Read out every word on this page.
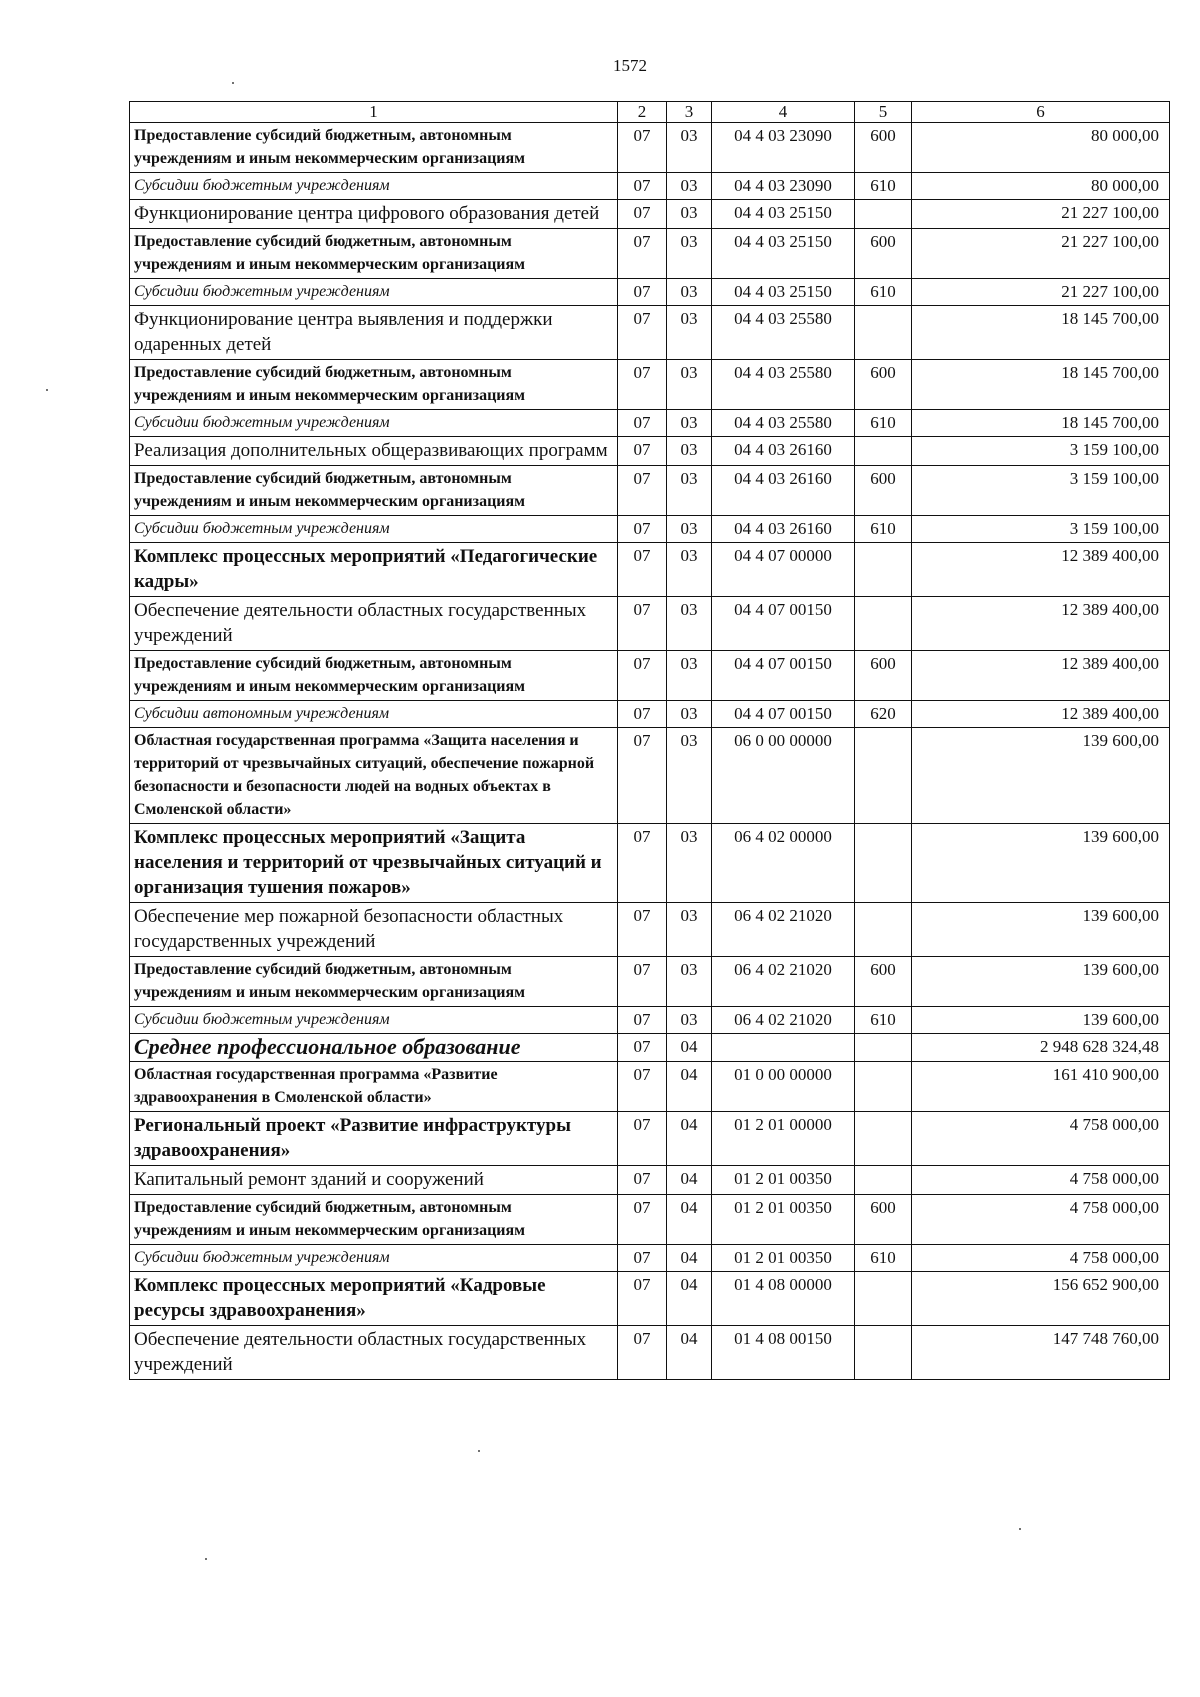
1572
1	2	3	4	5	6
Предоставление субсидий бюджетным, автономным учреждениям и иным некоммерческим организациям	07	03	04 4 03 23090	600	80 000,00
Субсидии бюджетным учреждениям	07	03	04 4 03 23090	610	80 000,00
Функционирование центра цифрового образования детей	07	03	04 4 03 25150		21 227 100,00
Предоставление субсидий бюджетным, автономным учреждениям и иным некоммерческим организациям	07	03	04 4 03 25150	600	21 227 100,00
Субсидии бюджетным учреждениям	07	03	04 4 03 25150	610	21 227 100,00
Функционирование центра выявления и поддержки одаренных детей	07	03	04 4 03 25580		18 145 700,00
Предоставление субсидий бюджетным, автономным учреждениям и иным некоммерческим организациям	07	03	04 4 03 25580	600	18 145 700,00
Субсидии бюджетным учреждениям	07	03	04 4 03 25580	610	18 145 700,00
Реализация дополнительных общеразвивающих программ	07	03	04 4 03 26160		3 159 100,00
Предоставление субсидий бюджетным, автономным учреждениям и иным некоммерческим организациям	07	03	04 4 03 26160	600	3 159 100,00
Субсидии бюджетным учреждениям	07	03	04 4 03 26160	610	3 159 100,00
Комплекс процессных мероприятий «Педагогические кадры»	07	03	04 4 07 00000		12 389 400,00
Обеспечение деятельности областных государственных учреждений	07	03	04 4 07 00150		12 389 400,00
Предоставление субсидий бюджетным, автономным учреждениям и иным некоммерческим организациям	07	03	04 4 07 00150	600	12 389 400,00
Субсидии автономным учреждениям	07	03	04 4 07 00150	620	12 389 400,00
Областная государственная программа «Защита населения и территорий от чрезвычайных ситуаций, обеспечение пожарной безопасности и безопасности людей на водных объектах в Смоленской области»	07	03	06 0 00 00000		139 600,00
Комплекс процессных мероприятий «Защита населения и территорий от чрезвычайных ситуаций и организация тушения пожаров»	07	03	06 4 02 00000		139 600,00
Обеспечение мер пожарной безопасности областных государственных учреждений	07	03	06 4 02 21020		139 600,00
Предоставление субсидий бюджетным, автономным учреждениям и иным некоммерческим организациям	07	03	06 4 02 21020	600	139 600,00
Субсидии бюджетным учреждениям	07	03	06 4 02 21020	610	139 600,00
Среднее профессиональное образование	07	04			2 948 628 324,48
Областная государственная программа «Развитие здравоохранения в Смоленской области»	07	04	01 0 00 00000		161 410 900,00
Региональный проект «Развитие инфраструктуры здравоохранения»	07	04	01 2 01 00000		4 758 000,00
Капитальный ремонт зданий и сооружений	07	04	01 2 01 00350		4 758 000,00
Предоставление субсидий бюджетным, автономным учреждениям и иным некоммерческим организациям	07	04	01 2 01 00350	600	4 758 000,00
Субсидии бюджетным учреждениям	07	04	01 2 01 00350	610	4 758 000,00
Комплекс процессных мероприятий «Кадровые ресурсы здравоохранения»	07	04	01 4 08 00000		156 652 900,00
Обеспечение деятельности областных государственных учреждений	07	04	01 4 08 00150		147 748 760,00
